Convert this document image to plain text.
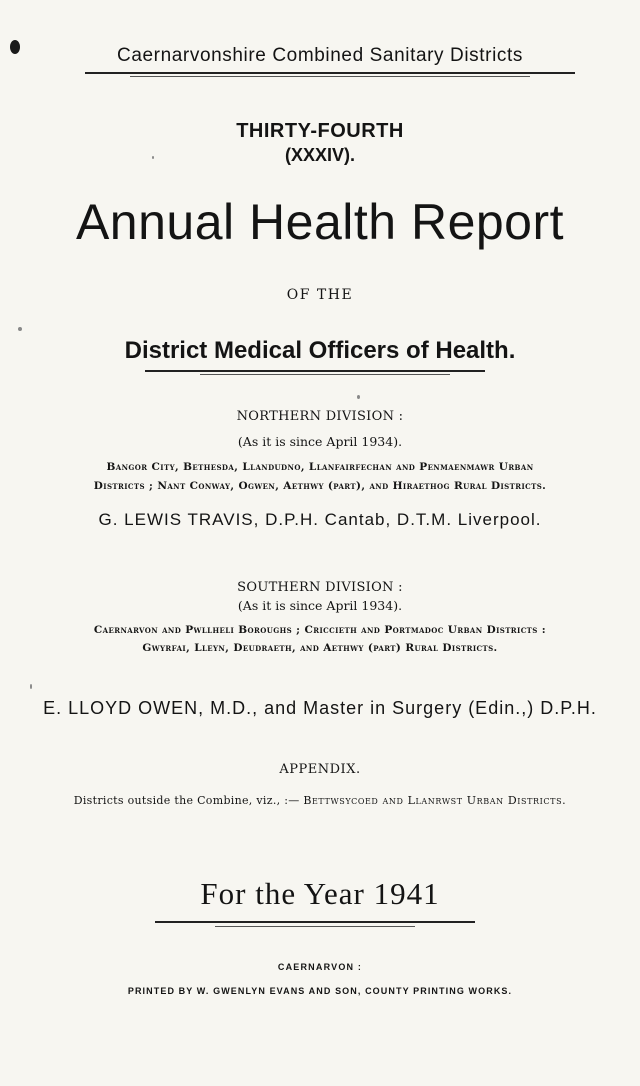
Caernarvonshire Combined Sanitary Districts
THIRTY-FOURTH
(XXXIV).
Annual Health Report
OF THE
District Medical Officers of Health.
NORTHERN DIVISION :
(As it is since April 1934).
Bangor City, Bethesda, Llandudno, Llanfairfechan and Penmaenmawr Urban
Districts ; Nant Conway, Ogwen, Aethwy (part), and Hiraethog Rural Districts.
G. LEWIS TRAVIS, D.P.H. Cantab, D.T.M. Liverpool.
SOUTHERN DIVISION :
(As it is since April 1934).
Caernarvon and Pwllheli Boroughs ; Criccieth and Portmadoc Urban Districts :
Gwyrfai, Lleyn, Deudraeth, and Aethwy (part) Rural Districts.
E. LLOYD OWEN, M.D., and Master in Surgery (Edin.,) D.P.H.
APPENDIX.
Districts outside the Combine, viz., :— Bettwsycoed and Llanrwst Urban Districts.
For the Year 1941
CAERNARVON :
PRINTED BY W. GWENLYN EVANS AND SON, COUNTY PRINTING WORKS.
